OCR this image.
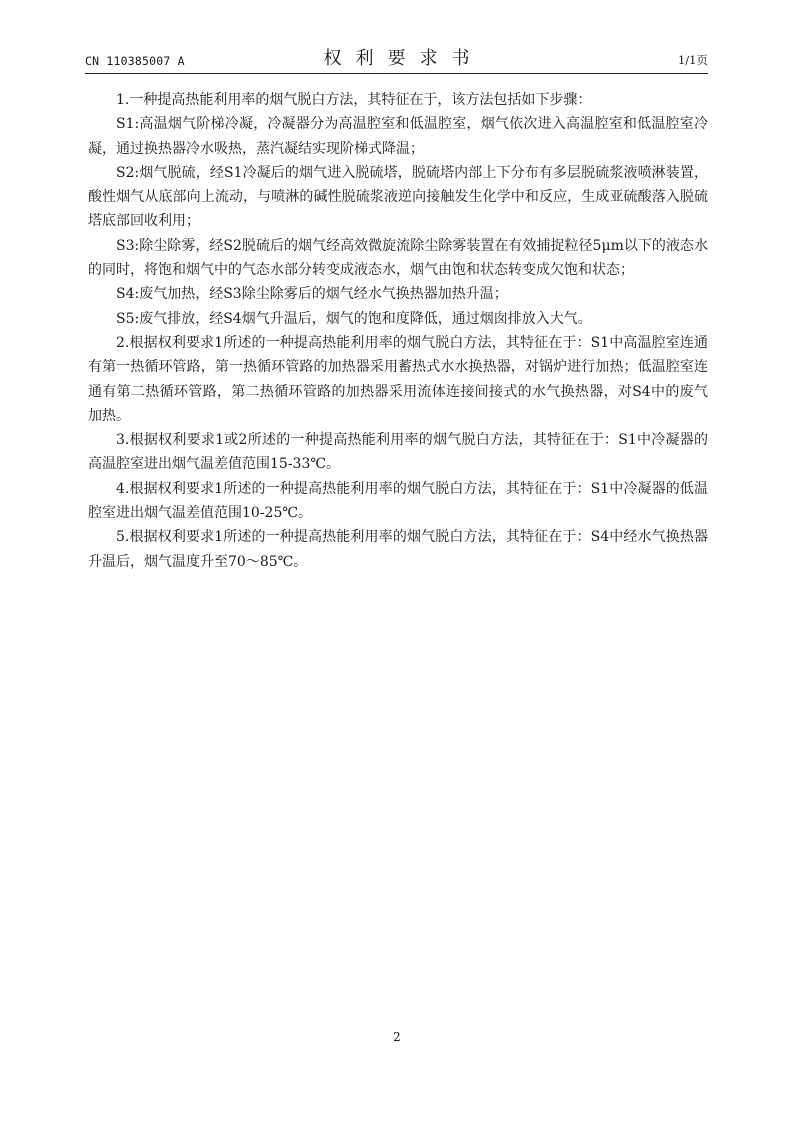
CN 110385007 A	权利要求书	1/1页

1.一种提高热能利用率的烟气脱白方法，其特征在于，该方法包括如下步骤：

S1:高温烟气阶梯冷凝，冷凝器分为高温腔室和低温腔室，烟气依次进入高温腔室和低温腔室冷凝，通过换热器冷水吸热，蒸汽凝结实现阶梯式降温；

S2:烟气脱硫，经S1冷凝后的烟气进入脱硫塔，脱硫塔内部上下分布有多层脱硫浆液喷淋装置，酸性烟气从底部向上流动，与喷淋的碱性脱硫浆液逆向接触发生化学中和反应，生成亚硫酸落入脱硫塔底部回收利用；

S3:除尘除雾，经S2脱硫后的烟气经高效微旋流除尘除雾装置在有效捕捉粒径5μm以下的液态水的同时，将饱和烟气中的气态水部分转变成液态水，烟气由饱和状态转变成欠饱和状态；

S4:废气加热，经S3除尘除雾后的烟气经水气换热器加热升温；

S5:废气排放，经S4烟气升温后，烟气的饱和度降低，通过烟囱排放入大气。

2.根据权利要求1所述的一种提高热能利用率的烟气脱白方法，其特征在于：S1中高温腔室连通有第一热循环管路，第一热循环管路的加热器采用蓄热式水水换热器，对锅炉进行加热；低温腔室连通有第二热循环管路，第二热循环管路的加热器采用流体连接间接式的水气换热器，对S4中的废气加热。

3.根据权利要求1或2所述的一种提高热能利用率的烟气脱白方法，其特征在于：S1中冷凝器的高温腔室进出烟气温差值范围15-33℃。

4.根据权利要求1所述的一种提高热能利用率的烟气脱白方法，其特征在于：S1中冷凝器的低温腔室进出烟气温差值范围10-25℃。

5.根据权利要求1所述的一种提高热能利用率的烟气脱白方法，其特征在于：S4中经水气换热器升温后，烟气温度升至70～85℃。

2
